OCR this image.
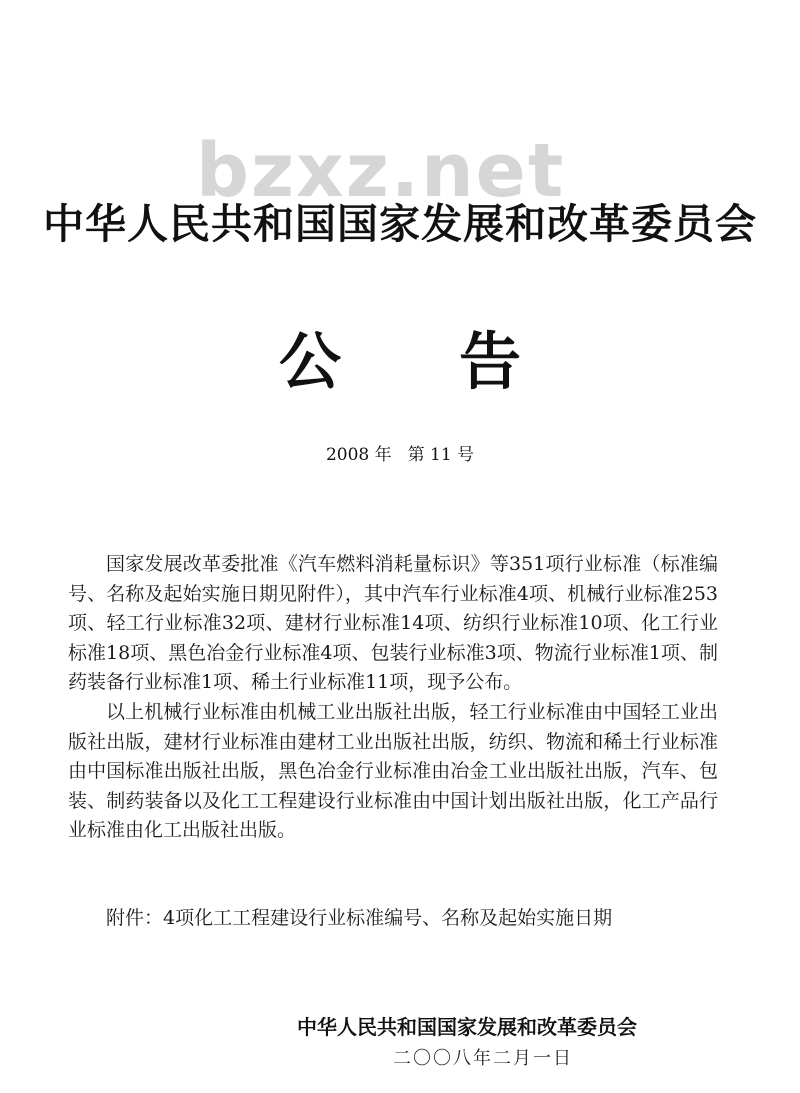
bzxz.net
中华人民共和国国家发展和改革委员会
公 告
2008 年 第 11 号

国家发展改革委批准《汽车燃料消耗量标识》等351项行业标准（标准编号、名称及起始实施日期见附件），其中汽车行业标准4项、机械行业标准253项、轻工行业标准32项、建材行业标准14项、纺织行业标准10项、化工行业标准18项、黑色冶金行业标准4项、包装行业标准3项、物流行业标准1项、制药装备行业标准1项、稀土行业标准11项，现予公布。

以上机械行业标准由机械工业出版社出版，轻工行业标准由中国轻工业出版社出版，建材行业标准由建材工业出版社出版，纺织、物流和稀土行业标准由中国标准出版社出版，黑色冶金行业标准由冶金工业出版社出版，汽车、包装、制药装备以及化工工程建设行业标准由中国计划出版社出版，化工产品行业标准由化工出版社出版。

附件：4项化工工程建设行业标准编号、名称及起始实施日期
中华人民共和国国家发展和改革委员会
二〇〇八年二月一日
